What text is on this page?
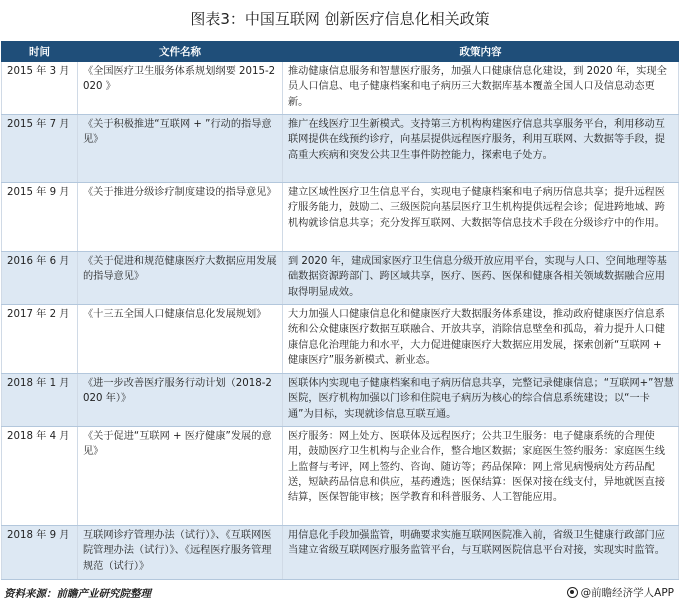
图表3：中国互联网 创新医疗信息化相关政策
时间	文件名称	政策内容
2015 年 3 月	《全国医疗卫生服务体系规划纲要 2015-2020 》	推动健康信息服务和智慧医疗服务，加强人口健康信息化建设，到 2020 年，实现全员人口信息、电子健康档案和电子病历三大数据库基本覆盖全国人口及信息动态更新。
2015 年 7 月	《关于积极推进“互联网 + ”行动的指导意见》	推广在线医疗卫生新模式。支持第三方机构构建医疗信息共享服务平台，利用移动互联网提供在线预约诊疗，向基层提供远程医疗服务，利用互联网、大数据等手段，提高重大疾病和突发公共卫生事件防控能力，探索电子处方。
2015 年 9 月	《关于推进分级诊疗制度建设的指导意见》	建立区域性医疗卫生信息平台，实现电子健康档案和电子病历信息共享；提升远程医疗服务能力，鼓励二、三级医院向基层医疗卫生机构提供远程会诊；促进跨地域、跨机构就诊信息共享；充分发挥互联网、大数据等信息技术手段在分级诊疗中的作用。
2016 年 6 月	《关于促进和规范健康医疗大数据应用发展的指导意见》	到 2020 年，建成国家医疗卫生信息分级开放应用平台，实现与人口、空间地理等基础数据资源跨部门、跨区域共享，医疗、医药、医保和健康各相关领域数据融合应用取得明显成效。
2017 年 2 月	《十三五全国人口健康信息化发展规划》	大力加强人口健康信息化和健康医疗大数据服务体系建设，推动政府健康医疗信息系统和公众健康医疗数据互联融合、开放共享，消除信息壁垒和孤岛，着力提升人口健康信息化治理能力和水平，大力促进健康医疗大数据应用发展，探索创新“互联网 + 健康医疗”服务新模式、新业态。
2018 年 1 月	《进一步改善医疗服务行动计划（2018-2020 年）》	医联体内实现电子健康档案和电子病历信息共享，完整记录健康信息；“互联网+”智慧医院，医疗机构加强以门诊和住院电子病历为核心的综合信息系统建设；以“一卡通”为目标，实现就诊信息互联互通。
2018 年 4 月	《关于促进“互联网 + 医疗健康”发展的意见》	医疗服务：网上处方、医联体及远程医疗；公共卫生服务：电子健康系统的合理使用，鼓励医疗卫生机构与企业合作，整合地区数据；家庭医生签约服务：家庭医生线上监督与考评，网上签约、咨询、随访等；药品保障：网上常见病慢病处方药品配送，短缺药品信息和供应，基药遴选；医保结算：医保对接在线支付，异地就医直接结算，医保智能审核；医学教育和科普服务、人工智能应用。
2018 年 9 月	互联网诊疗管理办法（试行）》、《互联网医院管理办法（试行）》、《远程医疗服务管理规范（试行）》	用信息化手段加强监管，明确要求实施互联网医院准入前，省级卫生健康行政部门应当建立省级互联网医疗服务监管平台，与互联网医院信息平台对接，实现实时监管。
资料来源：前瞻产业研究院整理	@前瞻经济学人APP
